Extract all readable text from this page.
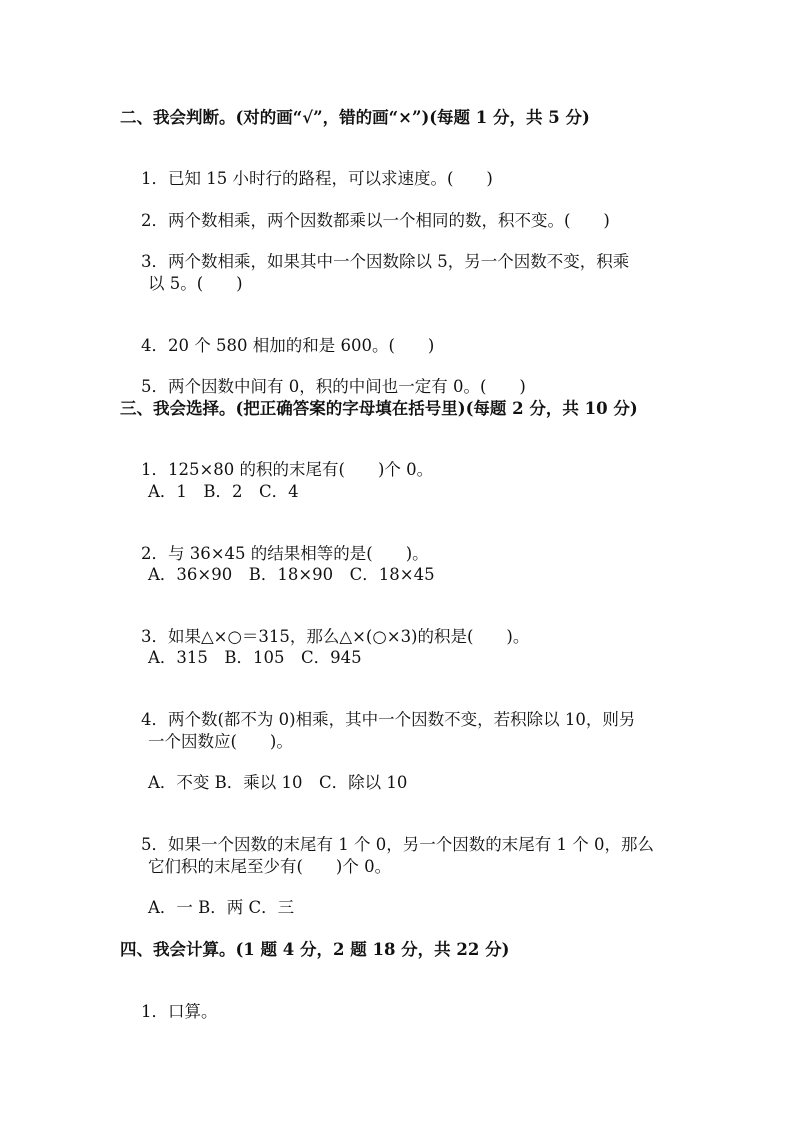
二、我会判断。(对的画“√”，错的画“×”)(每题 1 分，共 5 分)

1．已知 15 小时行的路程，可以求速度。(　　)

2．两个数相乘，两个因数都乘以一个相同的数，积不变。(　　)

3．两个数相乘，如果其中一个因数除以 5，另一个因数不变，积乘

以 5。(　　)

4．20 个 580 相加的和是 600。(　　)

5．两个因数中间有 0，积的中间也一定有 0。(　　)

三、我会选择。(把正确答案的字母填在括号里)(每题 2 分，共 10 分)

1．125×80 的积的末尾有(　　)个 0。

A．1　B．2　C．4

2．与 36×45 的结果相等的是(　　)。

A．36×90　B．18×90　C．18×45

3．如果△×○＝315，那么△×(○×3)的积是(　　)。

A．315　B．105　C．945

4．两个数(都不为 0)相乘，其中一个因数不变，若积除以 10，则另

一个因数应(　　)。
A．不变 B．乘以 10　C．除以 10

5．如果一个因数的末尾有 1 个 0，另一个因数的末尾有 1 个 0，那么

它们积的末尾至少有(　　)个 0。
A．一 B．两 C．三
四、我会计算。(1 题 4 分，2 题 18 分，共 22 分)

1．口算。
